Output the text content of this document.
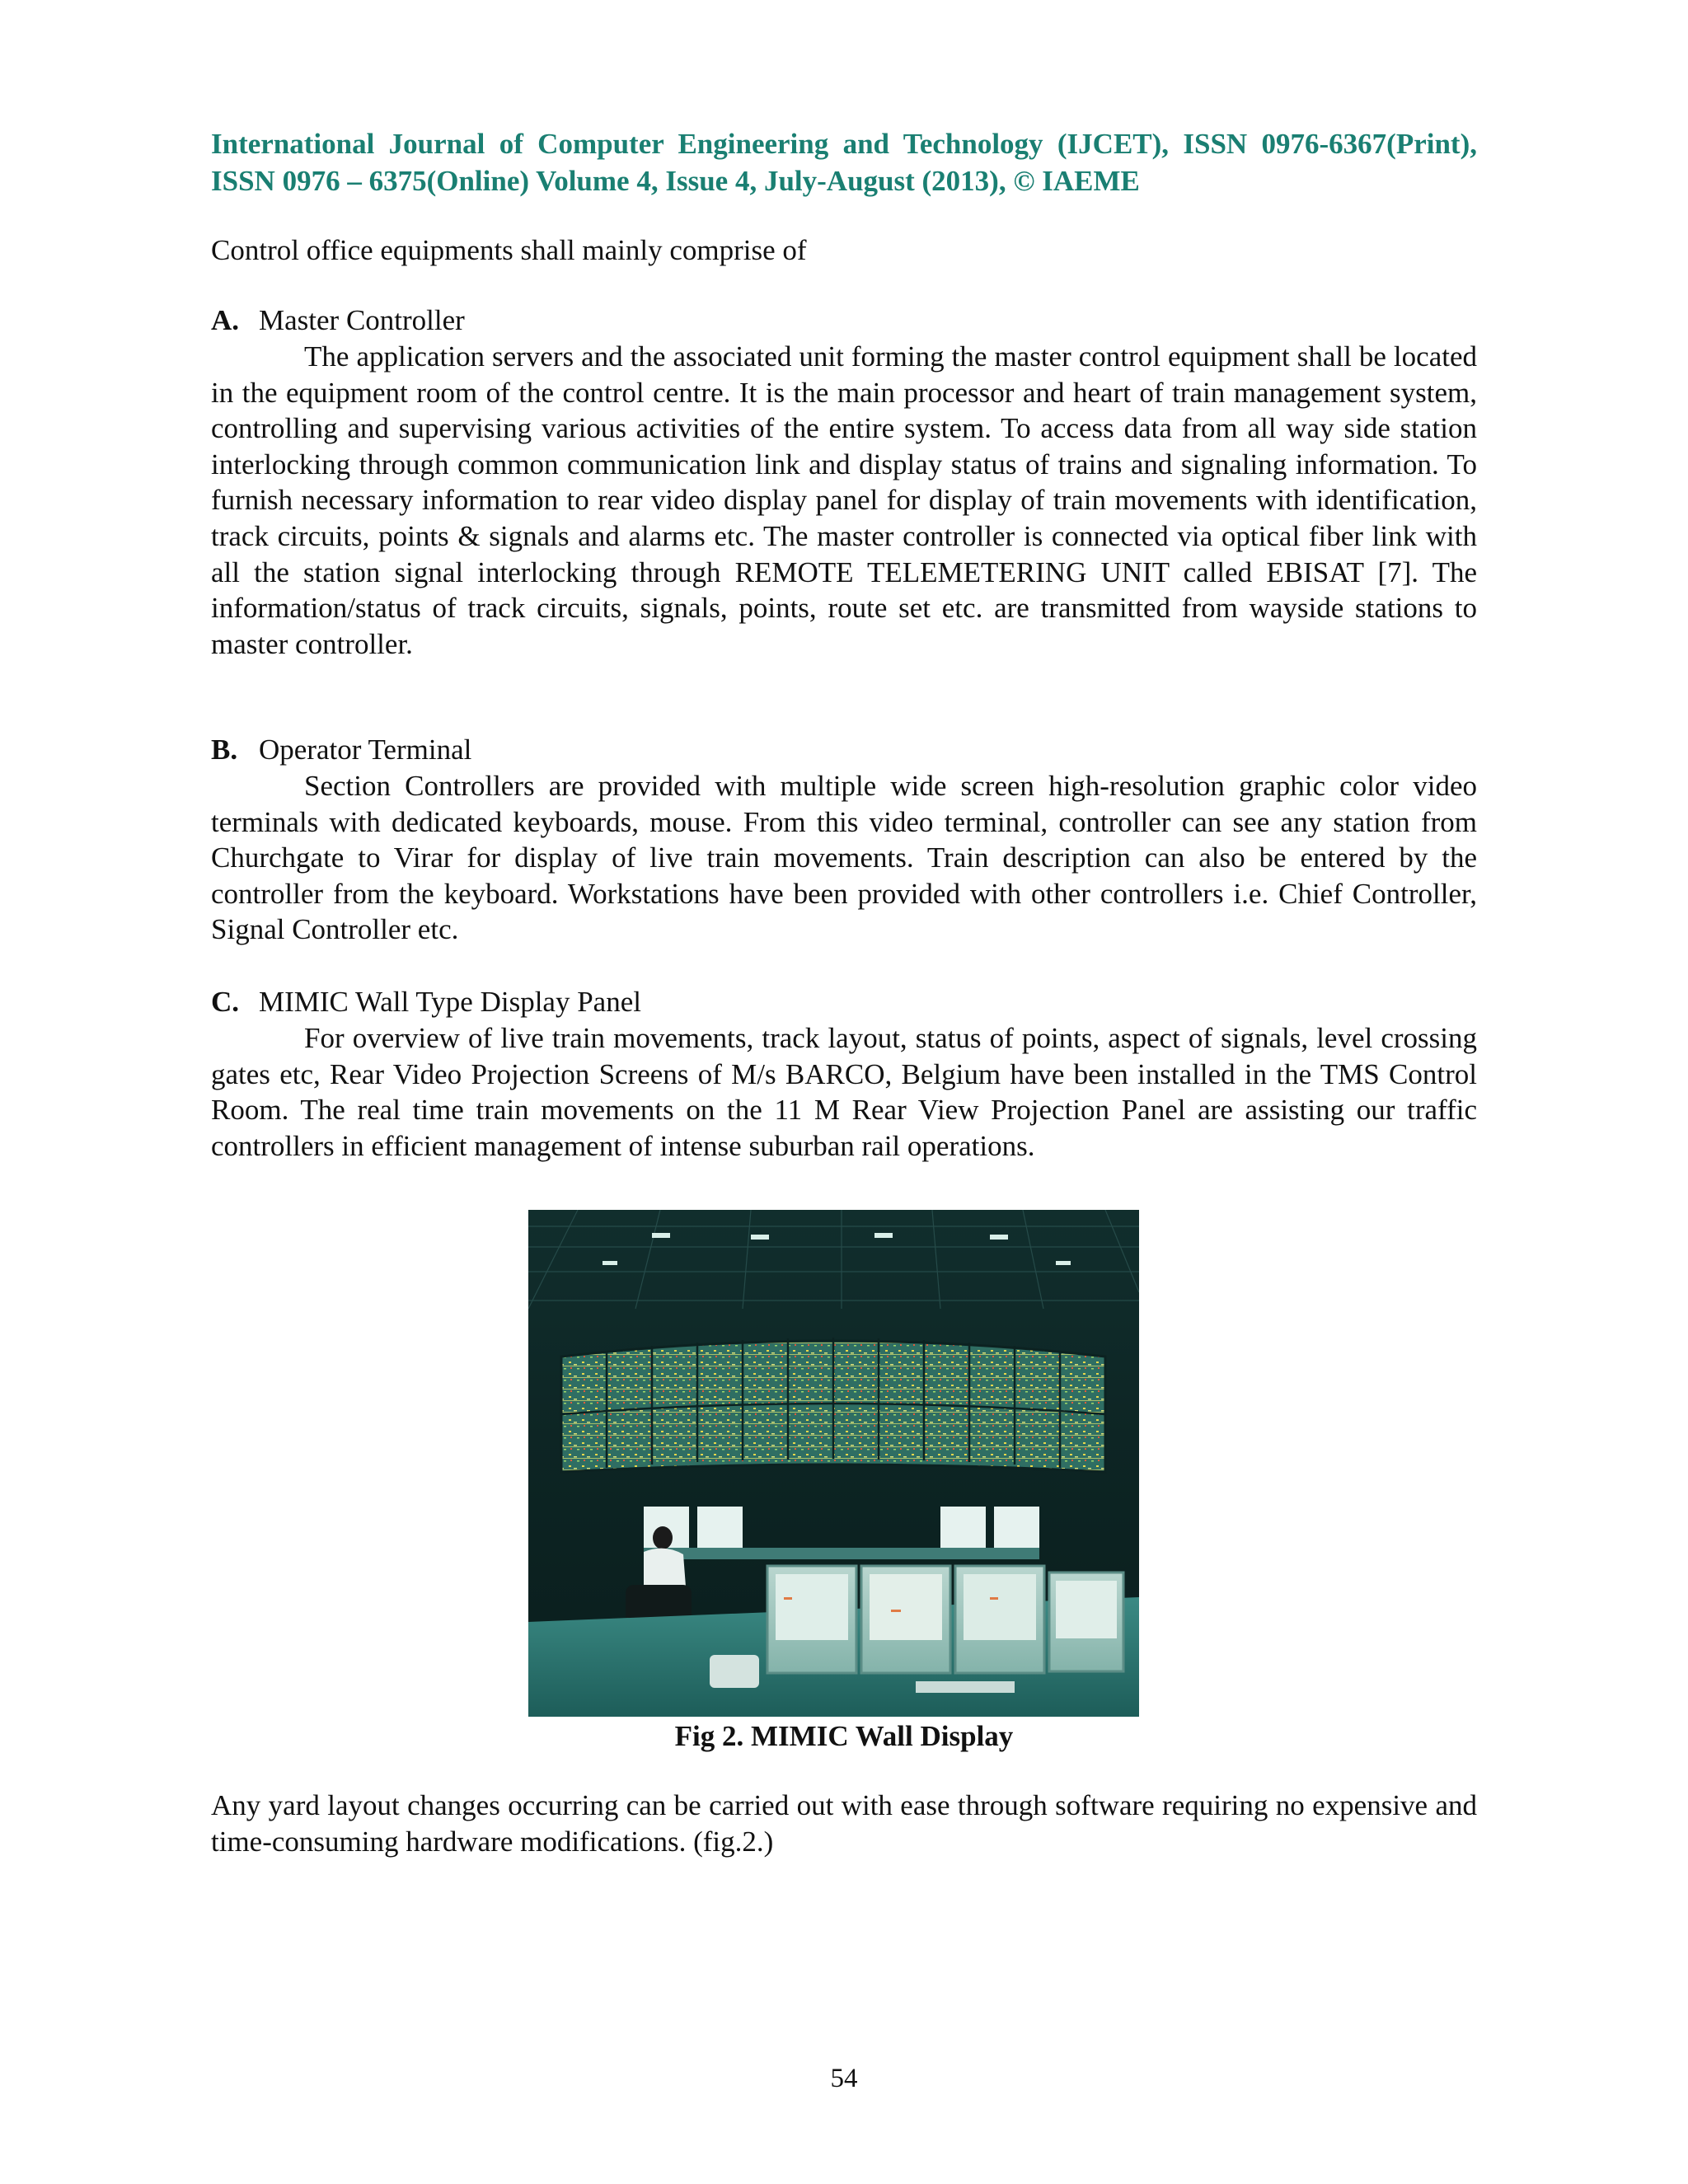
International Journal of Computer Engineering and Technology (IJCET), ISSN 0976-6367(Print), ISSN 0976 – 6375(Online) Volume 4, Issue 4, July-August (2013), © IAEME

Control office equipments shall mainly comprise of

A. Master Controller

The application servers and the associated unit forming the master control equipment shall be located in the equipment room of the control centre. It is the main processor and heart of train management system, controlling and supervising various activities of the entire system. To access data from all way side station interlocking through common communication link and display status of trains and signaling information. To furnish necessary information to rear video display panel for display of train movements with identification, track circuits, points & signals and alarms etc. The master controller is connected via optical fiber link with all the station signal interlocking through REMOTE TELEMETERING UNIT called EBISAT [7]. The information/status of track circuits, signals, points, route set etc. are transmitted from wayside stations to master controller.

B. Operator Terminal

Section Controllers are provided with multiple wide screen high-resolution graphic color video terminals with dedicated keyboards, mouse. From this video terminal, controller can see any station from Churchgate to Virar for display of live train movements. Train description can also be entered by the controller from the keyboard. Workstations have been provided with other controllers i.e. Chief Controller, Signal Controller etc.

C. MIMIC Wall Type Display Panel

For overview of live train movements, track layout, status of points, aspect of signals, level crossing gates etc, Rear Video Projection Screens of M/s BARCO, Belgium have been installed in the TMS Control Room. The real time train movements on the 11 M Rear View Projection Panel are assisting our traffic controllers in efficient management of intense suburban rail operations.

Fig 2. MIMIC Wall Display

Any yard layout changes occurring can be carried out with ease through software requiring no expensive and time-consuming hardware modifications. (fig.2.)

54
